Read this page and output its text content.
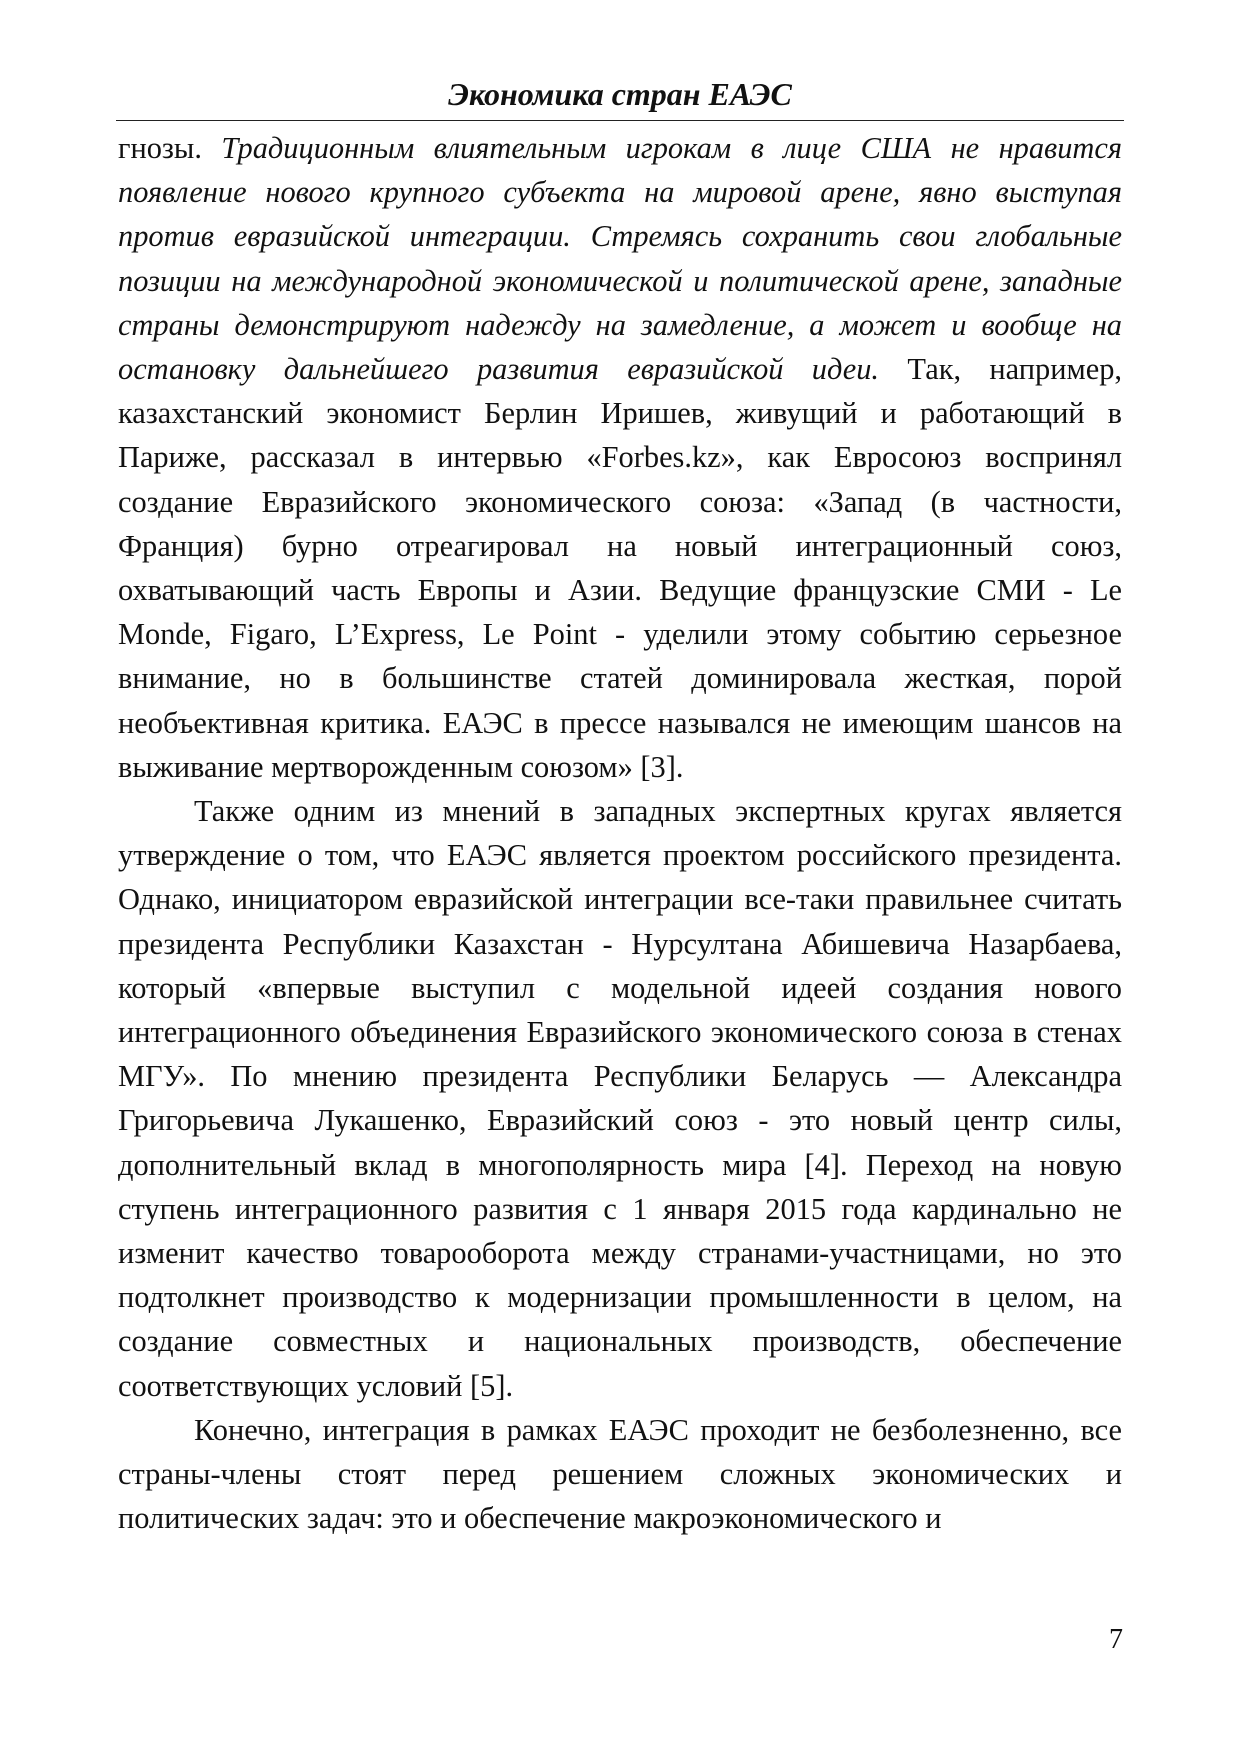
Экономика стран ЕАЭС

гнозы. Традиционным влиятельным игрокам в лице США не нравится появление нового крупного субъекта на мировой арене, явно выступая против евразийской интеграции. Стремясь сохранить свои глобальные позиции на международной экономической и политической арене, западные страны демонстрируют надежду на замедление, а может и вообще на остановку дальнейшего развития евразийской идеи. Так, например, казахстанский экономист Берлин Иришев, живущий и работающий в Париже, рассказал в интервью «Forbes.kz», как Евросоюз воспринял создание Евразийского экономического союза: «Запад (в частности, Франция) бурно отреагировал на новый интеграционный союз, охватывающий часть Европы и Азии. Ведущие французские СМИ - Le Monde, Figaro, L’Express, Le Point - уделили этому событию серьезное внимание, но в большинстве статей доминировала жесткая, порой необъективная критика. ЕАЭС в прессе назывался не имеющим шансов на выживание мертворожденным союзом» [3].

Также одним из мнений в западных экспертных кругах является утверждение о том, что ЕАЭС является проектом российского президента. Однако, инициатором евразийской интеграции все-таки правильнее считать президента Республики Казахстан - Нурсултана Абишевича Назарбаева, который «впервые выступил с модельной идеей создания нового интеграционного объединения Евразийского экономического союза в стенах МГУ». По мнению президента Республики Беларусь — Александра Григорьевича Лукашенко, Евразийский союз - это новый центр силы, дополнительный вклад в многополярность мира [4]. Переход на новую ступень интеграционного развития с 1 января 2015 года кардинально не изменит качество товарооборота между странами-участницами, но это подтолкнет производство к модернизации промышленности в целом, на создание совместных и национальных производств, обеспечение соответствующих условий [5].

Конечно, интеграция в рамках ЕАЭС проходит не безболезненно, все страны-члены стоят перед решением сложных экономических и политических задач: это и обеспечение макроэкономического и

7
